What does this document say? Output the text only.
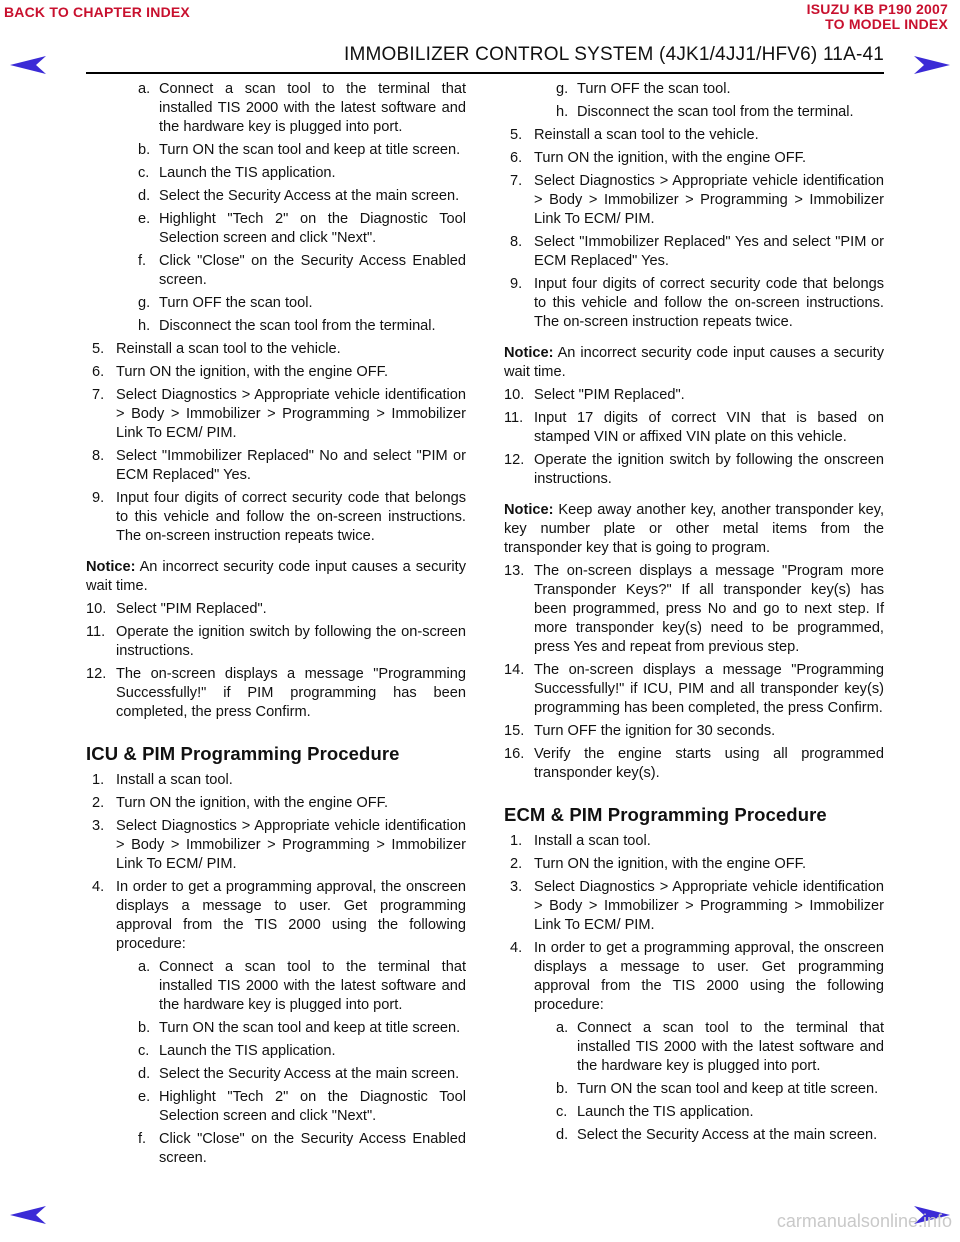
BACK TO CHAPTER INDEX	ISUZU KB P190 2007
TO MODEL INDEX
IMMOBILIZER CONTROL SYSTEM (4JK1/4JJ1/HFV6) 11A-41
a. Connect a scan tool to the terminal that installed TIS 2000 with the latest software and the hardware key is plugged into port.
b. Turn ON the scan tool and keep at title screen.
c. Launch the TIS application.
d. Select the Security Access at the main screen.
e. Highlight "Tech 2" on the Diagnostic Tool Selection screen and click "Next".
f. Click "Close" on the Security Access Enabled screen.
g. Turn OFF the scan tool.
h. Disconnect the scan tool from the terminal.
5. Reinstall a scan tool to the vehicle.
6. Turn ON the ignition, with the engine OFF.
7. Select Diagnostics > Appropriate vehicle identification > Body > Immobilizer > Programming > Immobilizer Link To ECM/ PIM.
8. Select "Immobilizer Replaced" No and select "PIM or ECM Replaced" Yes.
9. Input four digits of correct security code that belongs to this vehicle and follow the on-screen instructions. The on-screen instruction repeats twice.

Notice: An incorrect security code input causes a security wait time.

10. Select "PIM Replaced".
11. Operate the ignition switch by following the on-screen instructions.
12. The on-screen displays a message "Programming Successfully!" if PIM programming has been completed, the press Confirm.
ICU & PIM Programming Procedure
1. Install a scan tool.
2. Turn ON the ignition, with the engine OFF.
3. Select Diagnostics > Appropriate vehicle identification > Body > Immobilizer > Programming > Immobilizer Link To ECM/ PIM.
4. In order to get a programming approval, the onscreen displays a message to user. Get programming approval from the TIS 2000 using the following procedure:
a. Connect a scan tool to the terminal that installed TIS 2000 with the latest software and the hardware key is plugged into port.
b. Turn ON the scan tool and keep at title screen.
c. Launch the TIS application.
d. Select the Security Access at the main screen.
e. Highlight "Tech 2" on the Diagnostic Tool Selection screen and click "Next".
f. Click "Close" on the Security Access Enabled screen.
g. Turn OFF the scan tool.
h. Disconnect the scan tool from the terminal.
5. Reinstall a scan tool to the vehicle.
6. Turn ON the ignition, with the engine OFF.
7. Select Diagnostics > Appropriate vehicle identification > Body > Immobilizer > Programming > Immobilizer Link To ECM/ PIM.
8. Select "Immobilizer Replaced" Yes and select "PIM or ECM Replaced" Yes.
9. Input four digits of correct security code that belongs to this vehicle and follow the on-screen instructions. The on-screen instruction repeats twice.

Notice: An incorrect security code input causes a security wait time.

10. Select "PIM Replaced".
11. Input 17 digits of correct VIN that is based on stamped VIN or affixed VIN plate on this vehicle.
12. Operate the ignition switch by following the onscreen instructions.

Notice: Keep away another key, another transponder key, key number plate or other metal items from the transponder key that is going to program.

13. The on-screen displays a message "Program more Transponder Keys?" If all transponder key(s) has been programmed, press No and go to next step. If more transponder key(s) need to be programmed, press Yes and repeat from previous step.
14. The on-screen displays a message "Programming Successfully!" if ICU, PIM and all transponder key(s) programming has been completed, the press Confirm.
15. Turn OFF the ignition for 30 seconds.
16. Verify the engine starts using all programmed transponder key(s).
ECM & PIM Programming Procedure
1. Install a scan tool.
2. Turn ON the ignition, with the engine OFF.
3. Select Diagnostics > Appropriate vehicle identification > Body > Immobilizer > Programming > Immobilizer Link To ECM/ PIM.
4. In order to get a programming approval, the onscreen displays a message to user. Get programming approval from the TIS 2000 using the following procedure:
a. Connect a scan tool to the terminal that installed TIS 2000 with the latest software and the hardware key is plugged into port.
b. Turn ON the scan tool and keep at title screen.
c. Launch the TIS application.
d. Select the Security Access at the main screen.
carmanualsonline.info
